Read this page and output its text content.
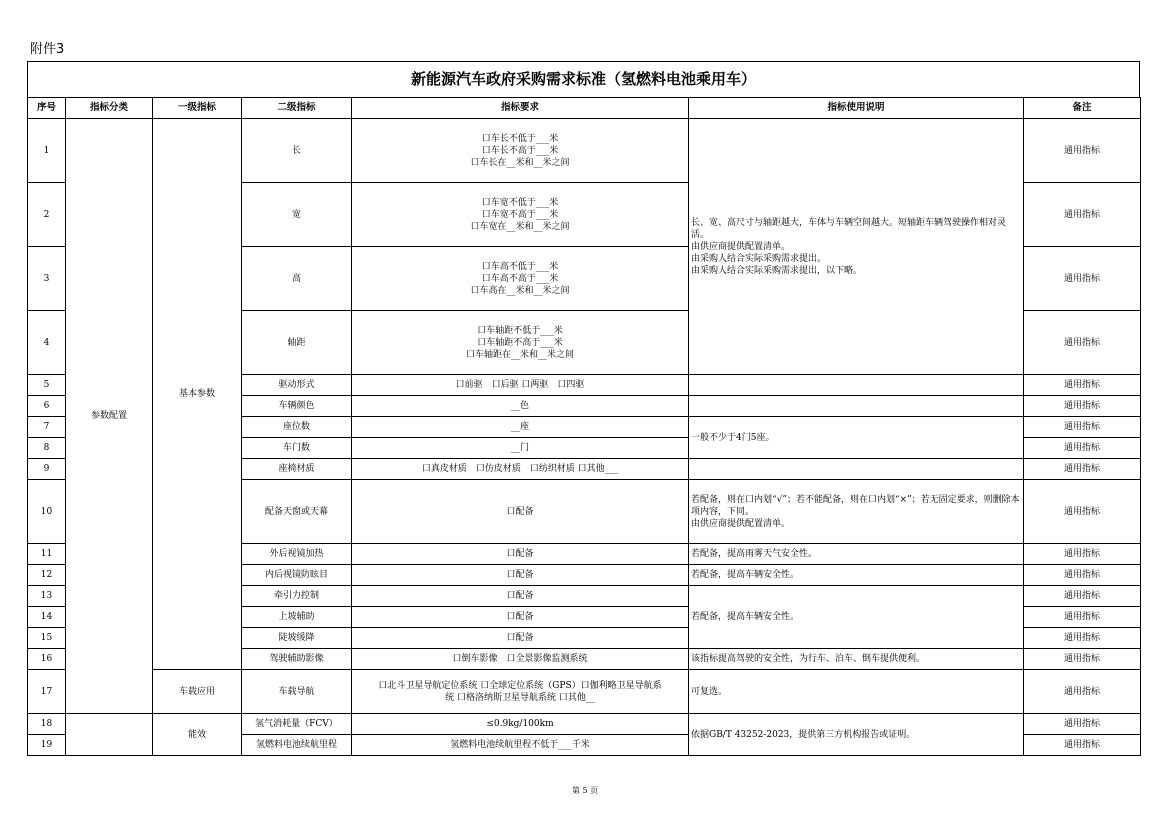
附件3
新能源汽车政府采购需求标准（氢燃料电池乘用车）
序号	指标分类	一级指标	二级指标	指标要求	指标使用说明	备注
1	参数配置	基本参数	长	口车长不低于___米
口车长不高于___米
口车长在__米和__米之间	长、宽、高尺寸与轴距越大，车体与车辆空间越大。短轴距车辆驾驶操作相对灵活。
由供应商提供配置清单。
由采购人结合实际采购需求提出。
由采购人结合实际采购需求提出，以下略。	通用指标
2			宽	口车宽不低于___米
口车宽不高于___米
口车宽在__米和__米之间		通用指标
3			高	口车高不低于___米
口车高不高于___米
口车高在__米和__米之间		通用指标
4			轴距	口车轴距不低于___米
口车轴距不高于___米
口车轴距在__米和__米之间		通用指标
5			驱动形式	口前驱　口后驱 口两驱　口四驱		通用指标
6			车辆颜色	__色		通用指标
7			座位数	__座	一般不少于4门5座。	通用指标
8			车门数	__门		通用指标
9			座椅材质	口真皮材质　口仿皮材质　口纺织材质 口其他___		通用指标
10			配备天窗或天幕	口配备	若配备，则在口内划“√”；若不能配备，则在口内划“×”；若无固定要求，则删除本项内容，下同。
由供应商提供配置清单。	通用指标
11			外后视镜加热	口配备	若配备，提高雨雾天气安全性。	通用指标
12			内后视镜防眩目	口配备	若配备，提高车辆安全性。	通用指标
13			牵引力控制	口配备	若配备，提高车辆安全性。	通用指标
14			上坡辅助	口配备		通用指标
15			陡坡缓降	口配备		通用指标
16			驾驶辅助影像	口倒车影像　口全景影像监测系统	该指标提高驾驶的安全性，为行车、泊车、倒车提供便利。	通用指标
17		车载应用	车载导航	口北斗卫星导航定位系统 口全球定位系统（GPS）口伽利略卫星导航系
统 口格洛纳斯卫星导航系统 口其他__	可复选。	通用指标
18		能效	氢气消耗量（FCV）	≤0.9kg/100km	依据GB/T 43252-2023，提供第三方机构报告或证明。	通用指标
19			氢燃料电池续航里程	氢燃料电池续航里程不低于___千米		通用指标
第 5 页
